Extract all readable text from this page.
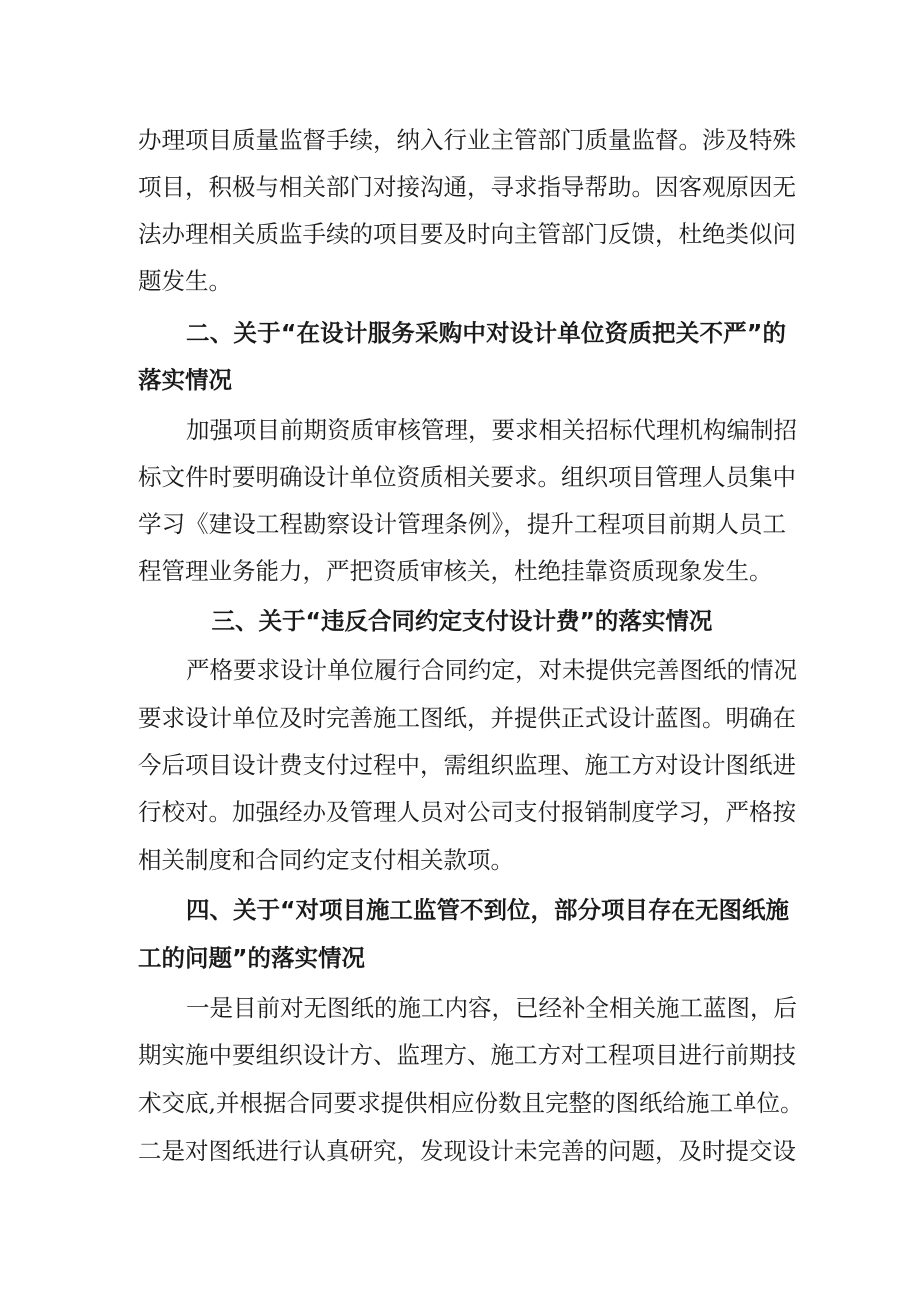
办理项目质量监督手续，纳入行业主管部门质量监督。涉及特殊
项目，积极与相关部门对接沟通，寻求指导帮助。因客观原因无
法办理相关质监手续的项目要及时向主管部门反馈，杜绝类似问
题发生。
二、关于“在设计服务采购中对设计单位资质把关不严”的
落实情况
加强项目前期资质审核管理，要求相关招标代理机构编制招
标文件时要明确设计单位资质相关要求。组织项目管理人员集中
学习《建设工程勘察设计管理条例》，提升工程项目前期人员工
程管理业务能力，严把资质审核关，杜绝挂靠资质现象发生。
三、关于“违反合同约定支付设计费”的落实情况
严格要求设计单位履行合同约定，对未提供完善图纸的情况
要求设计单位及时完善施工图纸，并提供正式设计蓝图。明确在
今后项目设计费支付过程中，需组织监理、施工方对设计图纸进
行校对。加强经办及管理人员对公司支付报销制度学习，严格按
相关制度和合同约定支付相关款项。
四、关于“对项目施工监管不到位，部分项目存在无图纸施
工的问题”的落实情况
一是目前对无图纸的施工内容，已经补全相关施工蓝图，后
期实施中要组织设计方、监理方、施工方对工程项目进行前期技
术交底,并根据合同要求提供相应份数且完整的图纸给施工单位。
二是对图纸进行认真研究，发现设计未完善的问题，及时提交设
